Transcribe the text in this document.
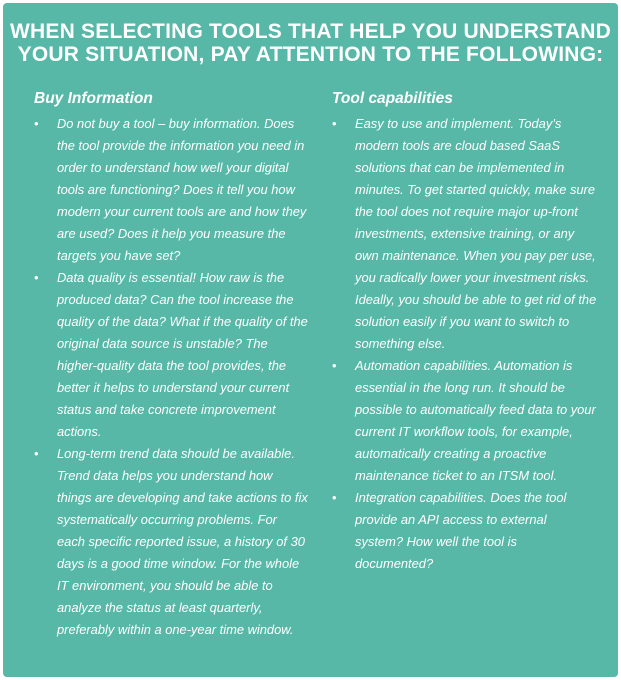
WHEN SELECTING TOOLS THAT HELP YOU UNDERSTAND YOUR SITUATION, PAY ATTENTION TO THE FOLLOWING:
Buy Information
• Do not buy a tool – buy information. Does the tool provide the information you need in order to understand how well your digital tools are functioning? Does it tell you how modern your current tools are and how they are used? Does it help you measure the targets you have set?
• Data quality is essential! How raw is the produced data? Can the tool increase the quality of the data? What if the quality of the original data source is unstable? The higher-quality data the tool provides, the better it helps to understand your current status and take concrete improvement actions.
• Long-term trend data should be available. Trend data helps you understand how things are developing and take actions to fix systematically occurring problems. For each specific reported issue, a history of 30 days is a good time window. For the whole IT environment, you should be able to analyze the status at least quarterly, preferably within a one-year time window.
Tool capabilities
• Easy to use and implement. Today’s modern tools are cloud based SaaS solutions that can be implemented in minutes. To get started quickly, make sure the tool does not require major up-front investments, extensive training, or any own maintenance. When you pay per use, you radically lower your investment risks. Ideally, you should be able to get rid of the solution easily if you want to switch to something else.
• Automation capabilities. Automation is essential in the long run. It should be possible to automatically feed data to your current IT workflow tools, for example, automatically creating a proactive maintenance ticket to an ITSM tool.
• Integration capabilities. Does the tool provide an API access to external system? How well the tool is documented?
